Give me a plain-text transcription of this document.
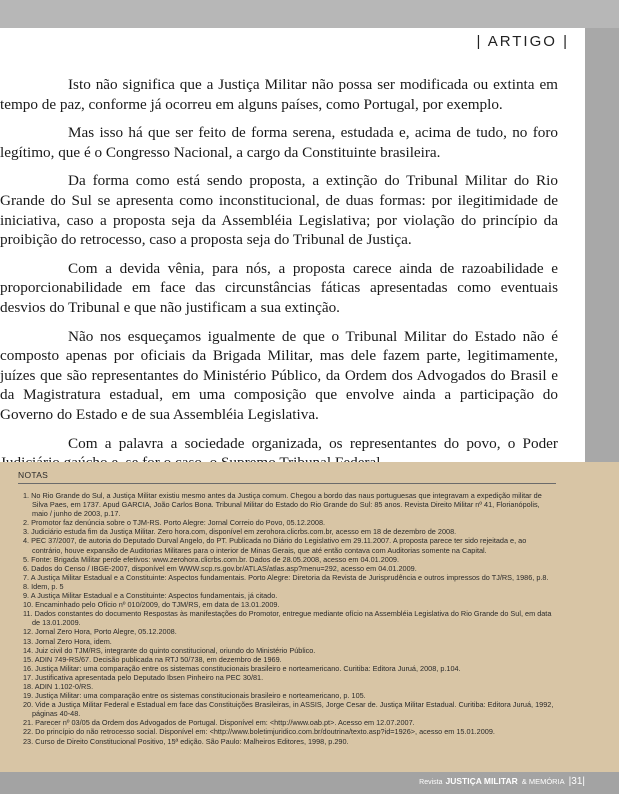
| ARTIGO |

Isto não significa que a Justiça Militar não possa ser modificada ou extinta em tempo de paz, conforme já ocorreu em alguns países, como Portugal, por exemplo.

Mas isso há que ser feito de forma serena, estudada e, acima de tudo, no foro legítimo, que é o Congresso Nacional, a cargo da Constituinte brasileira.

Da forma como está sendo proposta, a extinção do Tribunal Militar do Rio Grande do Sul se apresenta como inconstitucional, de duas formas: por ilegitimidade de iniciativa, caso a proposta seja da Assembléia Legislativa; por violação do princípio da proibição do retrocesso, caso a proposta seja do Tribunal de Justiça.

Com a devida vênia, para nós, a proposta carece ainda de razoabilidade e proporcionabilidade em face das circunstâncias fáticas apresentadas como eventuais desvios do Tribunal e que não justificam a sua extinção.

Não nos esqueçamos igualmente de que o Tribunal Militar do Estado não é composto apenas por oficiais da Brigada Militar, mas dele fazem parte, legitimamente, juízes que são representantes do Ministério Público, da Ordem dos Advogados do Brasil e da Magistratura estadual, em uma composição que envolve ainda a participação do Governo do Estado e de sua Assembléia Legislativa.

Com a palavra a sociedade organizada, os representantes do povo, o Poder

NOTAS
1. No Rio Grande do Sul, a Justiça Militar existiu mesmo antes da Justiça comum. Chegou a bordo das naus portuguesas que integravam a expedição militar de Silva Paes, em 1737. Apud GARCIA, João Carlos Bona. Tribunal Militar do Estado do Rio Grande do Sul: 85 anos. Revista Direito Militar nº 41, Florianópolis, maio / junho de 2003, p.17.
2. Promotor faz denúncia sobre o TJM-RS. Porto Alegre: Jornal Correio do Povo, 05.12.2008.
3. Judiciário estuda fim da Justiça Militar. Zero hora.com, disponível em zerohora.clicrbs.com.br, acesso em 18 de dezembro de 2008.
4. PEC 37/2007, de autoria do Deputado Durval Angelo, do PT. Publicada no Diário do Legislativo em 29.11.2007. A proposta parece ter sido rejeitada e, ao contrário, houve expansão de Auditorias Militares para o interior de Minas Gerais, que até então contava com Auditorias somente na Capital.
5. Fonte: Brigada Militar perde efetivos: www.zerohora.clicrbs.com.br. Dados de 28.05.2008, acesso em 04.01.2009.
6. Dados do Censo / IBGE-2007, disponível em WWW.scp.rs.gov.br/ATLAS/atlas.asp?menu=292, acesso em 04.01.2009.
7. A Justiça Militar Estadual e a Constituinte: Aspectos fundamentais. Porto Alegre: Diretoria da Revista de Jurisprudência e outros impressos do TJ/RS, 1986, p.8.
8. Idem, p. 5
9. A Justiça Militar Estadual e a Constituinte: Aspectos fundamentais, já citado.
10. Encaminhado pelo Ofício nº 010/2009, do TJM/RS, em data de 13.01.2009.
11. Dados constantes do documento Respostas às manifestações do Promotor, entregue mediante ofício na Assembléia Legislativa do Rio Grande do Sul, em data de 13.01.2009.
12. Jornal Zero Hora, Porto Alegre, 05.12.2008.
13. Jornal Zero Hora, idem.
14. Juiz civil do TJM/RS, integrante do quinto constitucional, oriundo do Ministério Público.
15. ADIN 749-RS/67. Decisão publicada na RTJ 50/738, em dezembro de 1969.
16. Justiça Militar: uma comparação entre os sistemas constitucionais brasileiro e norteamericano. Curitiba: Editora Juruá, 2008, p.104.
17. Justificativa apresentada pelo Deputado Ibsen Pinheiro na PEC 30/81.
18. ADIN 1.102-0/RS.
19. Justiça Militar: uma comparação entre os sistemas constitucionais brasileiro e norteamericano, p. 105.
20. Vide a Justiça Militar Federal e Estadual em face das Constituições Brasileiras, in ASSIS, Jorge Cesar de. Justiça Militar Estadual. Curitiba: Editora Juruá, 1992, páginas 40-48.
21. Parecer nº 03/05 da Ordem dos Advogados de Portugal. Disponível em: <http://www.oab.pt>. Acesso em 12.07.2007.
22. Do princípio do não retrocesso social. Disponível em: <http://www.boletimjuridico.com.br/doutrina/texto.asp?id=1926>, acesso em 15.01.2009.
23. Curso de Direito Constitucional Positivo, 15ª edição. São Paulo: Malheiros Editores, 1998, p.290.
Revista JUSTIÇA MILITAR & MEMÓRIA |31|
